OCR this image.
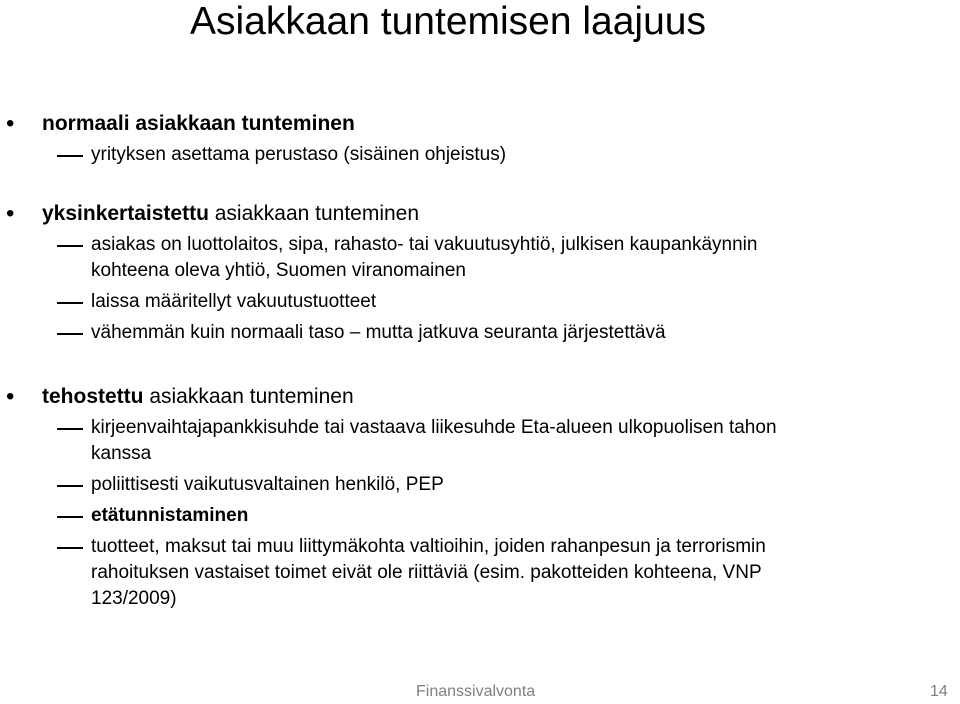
Asiakkaan tuntemisen laajuus
• normaali asiakkaan tunteminen
yrityksen asettama perustaso (sisäinen ohjeistus)
• yksinkertaistettu asiakkaan tunteminen
asiakas on luottolaitos, sipa, rahasto- tai vakuutusyhtiö, julkisen kaupankäynnin
kohteena oleva yhtiö, Suomen viranomainen
laissa määritellyt vakuutustuotteet
vähemmän kuin normaali taso – mutta jatkuva seuranta järjestettävä
• tehostettu asiakkaan tunteminen
kirjeenvaihtajapankkisuhde tai vastaava liikesuhde Eta-alueen ulkopuolisen tahon
kanssa
poliittisesti vaikutusvaltainen henkilö, PEP
etätunnistaminen
tuotteet, maksut tai muu liittymäkohta valtioihin, joiden rahanpesun ja terrorismin
rahoituksen vastaiset toimet eivät ole riittäviä (esim. pakotteiden kohteena, VNP
123/2009)
Finanssivalvonta	14
